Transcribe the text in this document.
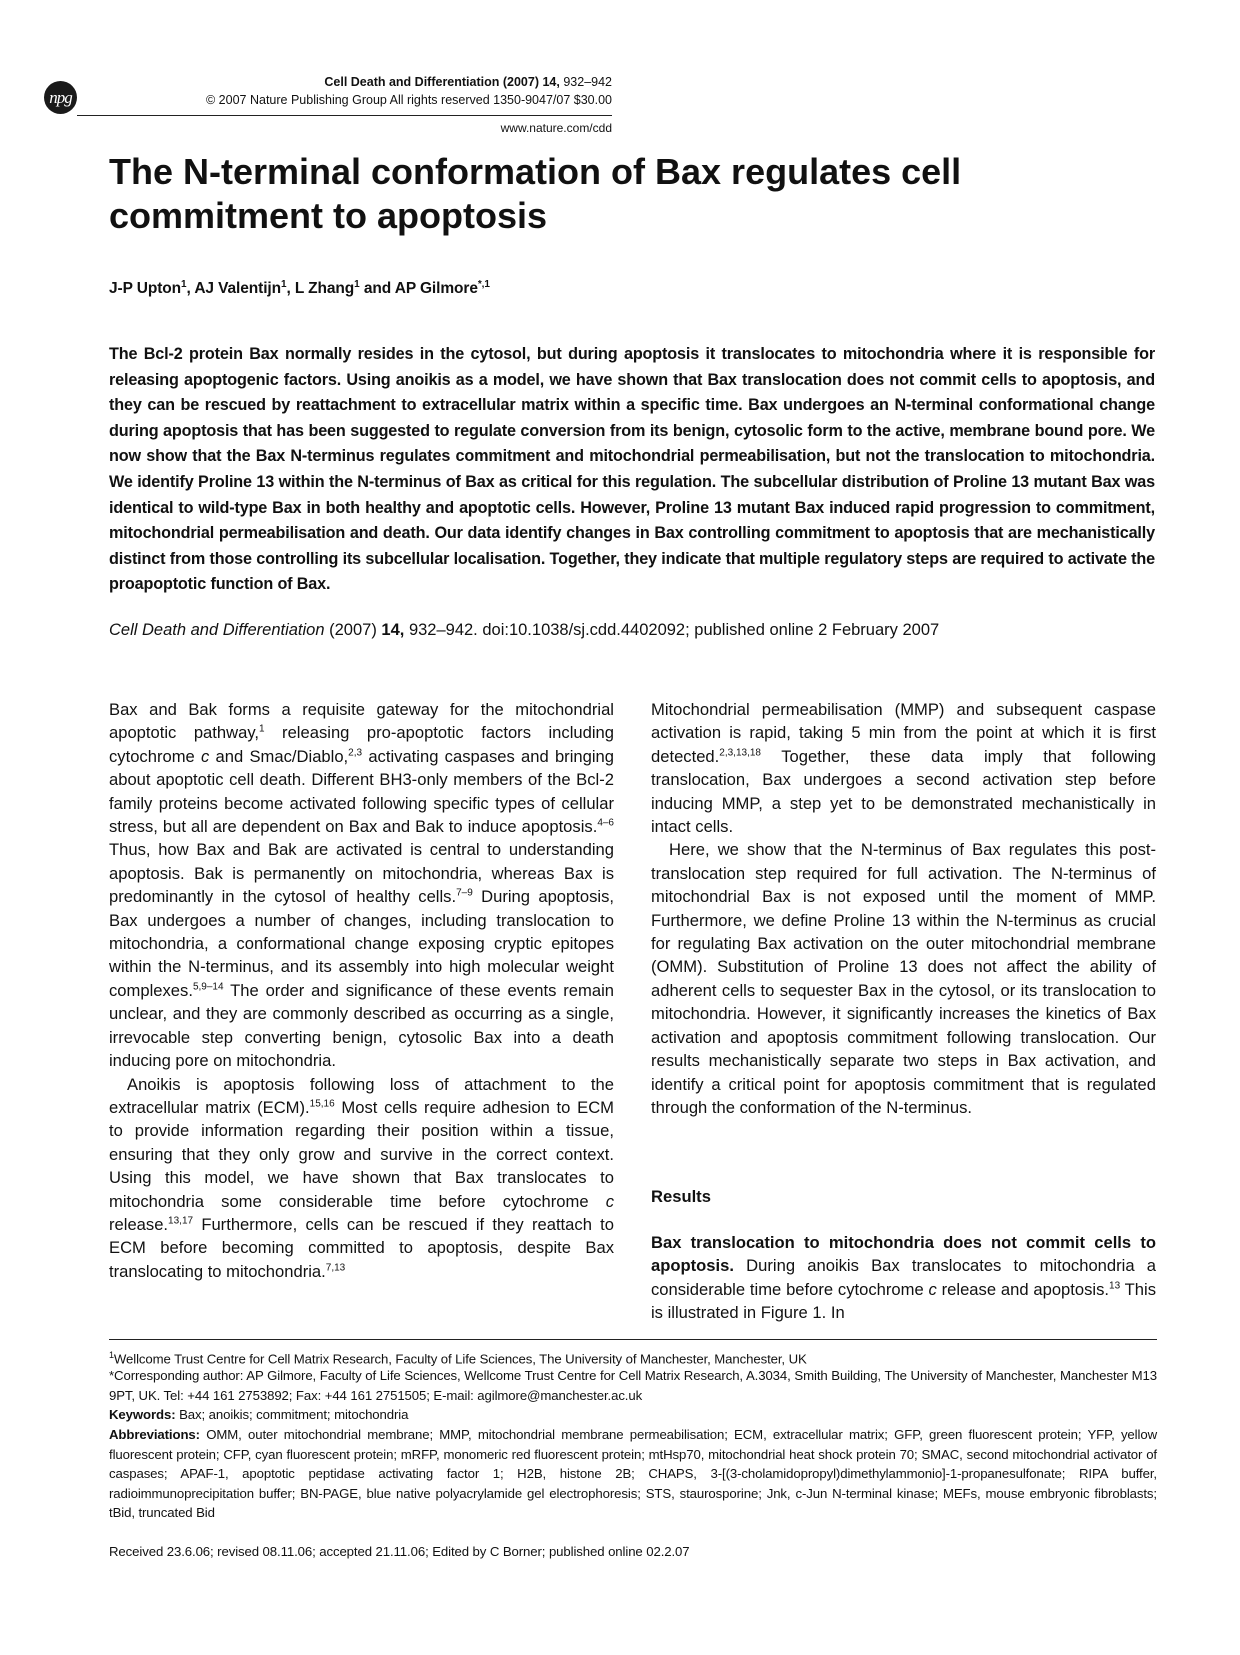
npg
Cell Death and Differentiation (2007) 14, 932–942
© 2007 Nature Publishing Group All rights reserved 1350-9047/07 $30.00
www.nature.com/cdd
The N-terminal conformation of Bax regulates cell commitment to apoptosis
J-P Upton$^1$, AJ Valentijn$^1$, L Zhang$^1$ and AP Gilmore$^{*,1}$
The Bcl-2 protein Bax normally resides in the cytosol, but during apoptosis it translocates to mitochondria where it is responsible for releasing apoptogenic factors. Using anoikis as a model, we have shown that Bax translocation does not commit cells to apoptosis, and they can be rescued by reattachment to extracellular matrix within a specific time. Bax undergoes an N-terminal conformational change during apoptosis that has been suggested to regulate conversion from its benign, cytosolic form to the active, membrane bound pore. We now show that the Bax N-terminus regulates commitment and mitochondrial permeabilisation, but not the translocation to mitochondria. We identify Proline 13 within the N-terminus of Bax as critical for this regulation. The subcellular distribution of Proline 13 mutant Bax was identical to wild-type Bax in both healthy and apoptotic cells. However, Proline 13 mutant Bax induced rapid progression to commitment, mitochondrial permeabilisation and death. Our data identify changes in Bax controlling commitment to apoptosis that are mechanistically distinct from those controlling its subcellular localisation. Together, they indicate that multiple regulatory steps are required to activate the proapoptotic function of Bax.
Cell Death and Differentiation (2007) 14, 932–942. doi:10.1038/sj.cdd.4402092; published online 2 February 2007

Bax and Bak forms a requisite gateway for the mitochondrial apoptotic pathway,$^1$ releasing pro-apoptotic factors including cytochrome c and Smac/Diablo,$^{2,3}$ activating caspases and bringing about apoptotic cell death. Different BH3-only members of the Bcl-2 family proteins become activated following specific types of cellular stress, but all are dependent on Bax and Bak to induce apoptosis.$^{4-6}$ Thus, how Bax and Bak are activated is central to understanding apoptosis. Bak is permanently on mitochondria, whereas Bax is predominantly in the cytosol of healthy cells.$^{7-9}$ During apoptosis, Bax undergoes a number of changes, including translocation to mitochondria, a conformational change exposing cryptic epitopes within the N-terminus, and its assembly into high molecular weight complexes.$^{5,9-14}$ The order and significance of these events remain unclear, and they are commonly described as occurring as a single, irrevocable step converting benign, cytosolic Bax into a death inducing pore on mitochondria.

Anoikis is apoptosis following loss of attachment to the extracellular matrix (ECM).$^{15,16}$ Most cells require adhesion to ECM to provide information regarding their position within a tissue, ensuring that they only grow and survive in the correct context. Using this model, we have shown that Bax translocates to mitochondria some considerable time before cytochrome c release.$^{13,17}$ Furthermore, cells can be rescued if they reattach to ECM before becoming committed to apoptosis, despite Bax translocating to mitochondria.$^{7,13}$

Mitochondrial permeabilisation (MMP) and subsequent caspase activation is rapid, taking 5 min from the point at which it is first detected.$^{2,3,13,18}$ Together, these data imply that following translocation, Bax undergoes a second activation step before inducing MMP, a step yet to be demonstrated mechanistically in intact cells.

Here, we show that the N-terminus of Bax regulates this post-translocation step required for full activation. The N-terminus of mitochondrial Bax is not exposed until the moment of MMP. Furthermore, we define Proline 13 within the N-terminus as crucial for regulating Bax activation on the outer mitochondrial membrane (OMM). Substitution of Proline 13 does not affect the ability of adherent cells to sequester Bax in the cytosol, or its translocation to mitochondria. However, it significantly increases the kinetics of Bax activation and apoptosis commitment following translocation. Our results mechanistically separate two steps in Bax activation, and identify a critical point for apoptosis commitment that is regulated through the conformation of the N-terminus.

Results

Bax translocation to mitochondria does not commit cells to apoptosis. During anoikis Bax translocates to mitochondria a considerable time before cytochrome c release and apoptosis.$^{13}$ This is illustrated in Figure 1. In

$^1$Wellcome Trust Centre for Cell Matrix Research, Faculty of Life Sciences, The University of Manchester, Manchester, UK
*Corresponding author: AP Gilmore, Faculty of Life Sciences, Wellcome Trust Centre for Cell Matrix Research, A.3034, Smith Building, The University of Manchester, Manchester M13 9PT, UK. Tel: +44 161 2753892; Fax: +44 161 2751505; E-mail: agilmore@manchester.ac.uk
Keywords: Bax; anoikis; commitment; mitochondria
Abbreviations: OMM, outer mitochondrial membrane; MMP, mitochondrial membrane permeabilisation; ECM, extracellular matrix; GFP, green fluorescent protein; YFP, yellow fluorescent protein; CFP, cyan fluorescent protein; mRFP, monomeric red fluorescent protein; mtHsp70, mitochondrial heat shock protein 70; SMAC, second mitochondrial activator of caspases; APAF-1, apoptotic peptidase activating factor 1; H2B, histone 2B; CHAPS, 3-[(3-cholamidopropyl)dimethylammonio]-1-propanesulfonate; RIPA buffer, radioimmunoprecipitation buffer; BN-PAGE, blue native polyacrylamide gel electrophoresis; STS, staurosporine; Jnk, c-Jun N-terminal kinase; MEFs, mouse embryonic fibroblasts; tBid, truncated Bid
Received 23.6.06; revised 08.11.06; accepted 21.11.06; Edited by C Borner; published online 02.2.07
